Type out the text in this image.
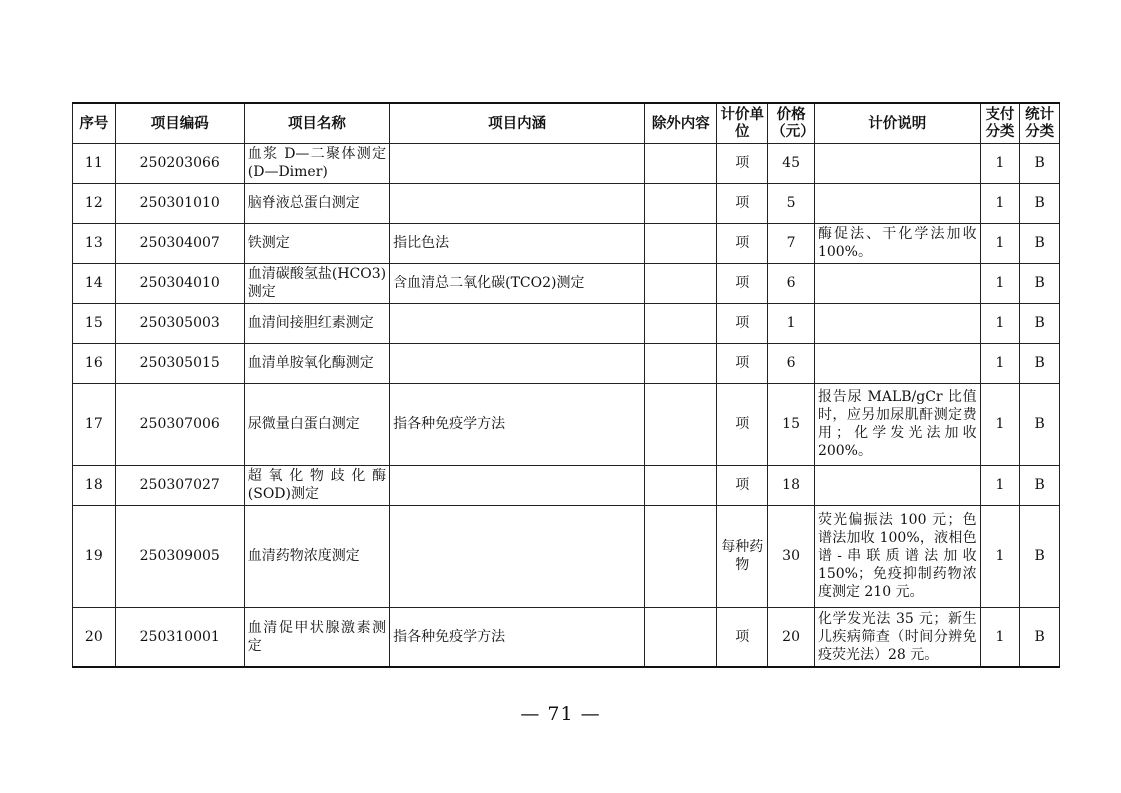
序号	项目编码	项目名称	项目内涵	除外内容	计价单位	价格（元）	计价说明	支付分类	统计分类
11	250203066	血浆 D—二聚体测定(D—Dimer)			项	45		1	B
12	250301010	脑脊液总蛋白测定			项	5		1	B
13	250304007	铁测定	指比色法		项	7	酶促法、干化学法加收100%。	1	B
14	250304010	血清碳酸氢盐(HCO3)测定	含血清总二氧化碳(TCO2)测定		项	6		1	B
15	250305003	血清间接胆红素测定			项	1		1	B
16	250305015	血清单胺氧化酶测定			项	6		1	B
17	250307006	尿微量白蛋白测定	指各种免疫学方法		项	15	报告尿 MALB/gCr 比值时，应另加尿肌酐测定费用；化学发光法加收200%。	1	B
18	250307027	超氧化物歧化酶(SOD)测定			项	18		1	B
19	250309005	血清药物浓度测定			每种药物	30	荧光偏振法 100 元；色谱法加收 100%，液相色谱-串联质谱法加收150%；免疫抑制药物浓度测定 210 元。	1	B
20	250310001	血清促甲状腺激素测定	指各种免疫学方法		项	20	化学发光法 35 元；新生儿疾病筛查（时间分辨免疫荧光法）28 元。	1	B
— 71 —
